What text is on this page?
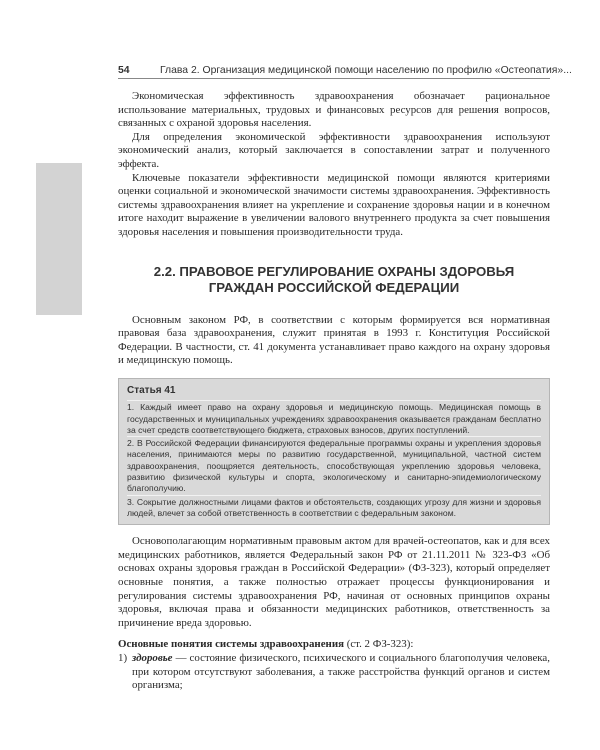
54	Глава 2. Организация медицинской помощи населению по профилю «Остеопатия»...

Экономическая эффективность здравоохранения обозначает рациональное использование материальных, трудовых и финансовых ресурсов для решения вопросов, связанных с охраной здоровья населения.

Для определения экономической эффективности здравоохранения используют экономический анализ, который заключается в сопоставлении затрат и полученного эффекта.

Ключевые показатели эффективности медицинской помощи являются критериями оценки социальной и экономической значимости системы здравоохранения. Эффективность системы здравоохранения влияет на укрепление и сохранение здоровья нации и в конечном итоге находит выражение в увеличении валового внутреннего продукта за счет повышения здоровья населения и повышения производительности труда.

2.2. ПРАВОВОЕ РЕГУЛИРОВАНИЕ ОХРАНЫ ЗДОРОВЬЯ
ГРАЖДАН РОССИЙСКОЙ ФЕДЕРАЦИИ

Основным законом РФ, в соответствии с которым формируется вся нормативная правовая база здравоохранения, служит принятая в 1993 г. Конституция Российской Федерации. В частности, ст. 41 документа устанавливает право каждого на охрану здоровья и медицинскую помощь.

Статья 41
1. Каждый имеет право на охрану здоровья и медицинскую помощь. Медицинская помощь в государственных и муниципальных учреждениях здравоохранения оказывается гражданам бесплатно за счет средств соответствующего бюджета, страховых взносов, других поступлений.
2. В Российской Федерации финансируются федеральные программы охраны и укрепления здоровья населения, принимаются меры по развитию государственной, муниципальной, частной систем здравоохранения, поощряется деятельность, способствующая укреплению здоровья человека, развитию физической культуры и спорта, экологическому и санитарно-эпидемиологическому благополучию.
3. Сокрытие должностными лицами фактов и обстоятельств, создающих угрозу для жизни и здоровья людей, влечет за собой ответственность в соответствии с федеральным законом.

Основополагающим нормативным правовым актом для врачей-остеопатов, как и для всех медицинских работников, является Федеральный закон РФ от 21.11.2011 № 323-ФЗ «Об основах охраны здоровья граждан в Российской Федерации» (ФЗ-323), который определяет основные понятия, а также полностью отражает процессы функционирования и регулирования системы здравоохранения РФ, начиная от основных принципов охраны здоровья, включая права и обязанности медицинских работников, ответственность за причинение вреда здоровью.

Основные понятия системы здравоохранения (ст. 2 ФЗ-323):

1) здоровье — состояние физического, психического и социального благополучия человека, при котором отсутствуют заболевания, а также расстройства функций органов и систем организма;
